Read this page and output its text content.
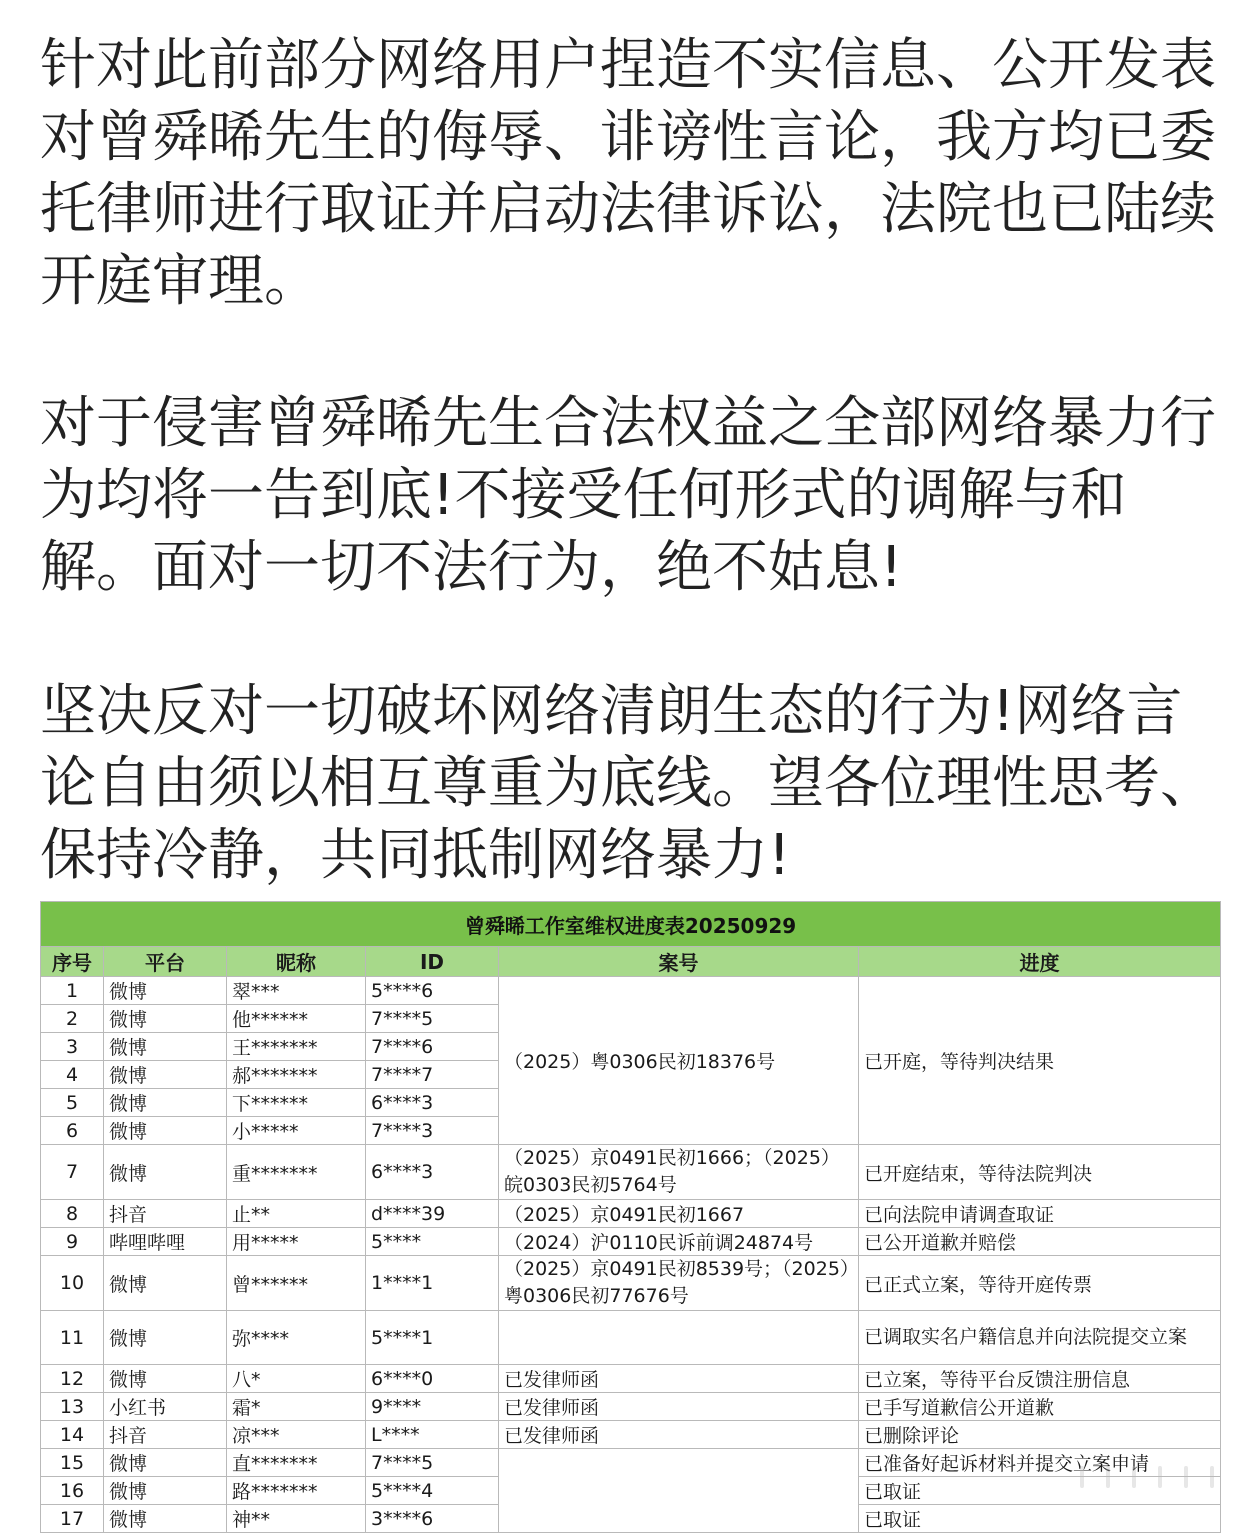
针对此前部分网络用户捏造不实信息、公开发表对曾舜晞先生的侮辱、诽谤性言论，我方均已委托律师进行取证并启动法律诉讼，法院也已陆续开庭审理。

对于侵害曾舜晞先生合法权益之全部网络暴力行为均将一告到底!不接受任何形式的调解与和解。面对一切不法行为，绝不姑息!

坚决反对一切破坏网络清朗生态的行为!网络言论自由须以相互尊重为底线。望各位理性思考、保持冷静，共同抵制网络暴力!

曾舜晞工作室维权进度表20250929					
序号	平台	昵称	ID	案号	进度
1	微博	翠***	5****6	（2025）粤0306民初18376号	已开庭，等待判决结果
2	微博	他******	7****5		
3	微博	王*******	7****6		
4	微博	郝*******	7****7		
5	微博	下******	6****3		
6	微博	小*****	7****3		
7	微博	重*******	6****3	（2025）京0491民初1666；（2025）皖0303民初5764号	已开庭结束，等待法院判决
8	抖音	止**	d****39	（2025）京0491民初1667	已向法院申请调查取证
9	哔哩哔哩	用*****	5****	（2024）沪0110民诉前调24874号	已公开道歉并赔偿
10	微博	曾******	1****1	（2025）京0491民初8539号；（2025）粤0306民初77676号	已正式立案，等待开庭传票
11	微博	弥****	5****1		已调取实名户籍信息并向法院提交立案
12	微博	八*	6****0	已发律师函	已立案，等待平台反馈注册信息
13	小红书	霜*	9****	已发律师函	已手写道歉信公开道歉
14	抖音	凉***	L****	已发律师函	已删除评论
15	微博	直*******	7****5		已准备好起诉材料并提交立案申请
16	微博	路*******	5****4		已取证
17	微博	神**	3****6		已取证
